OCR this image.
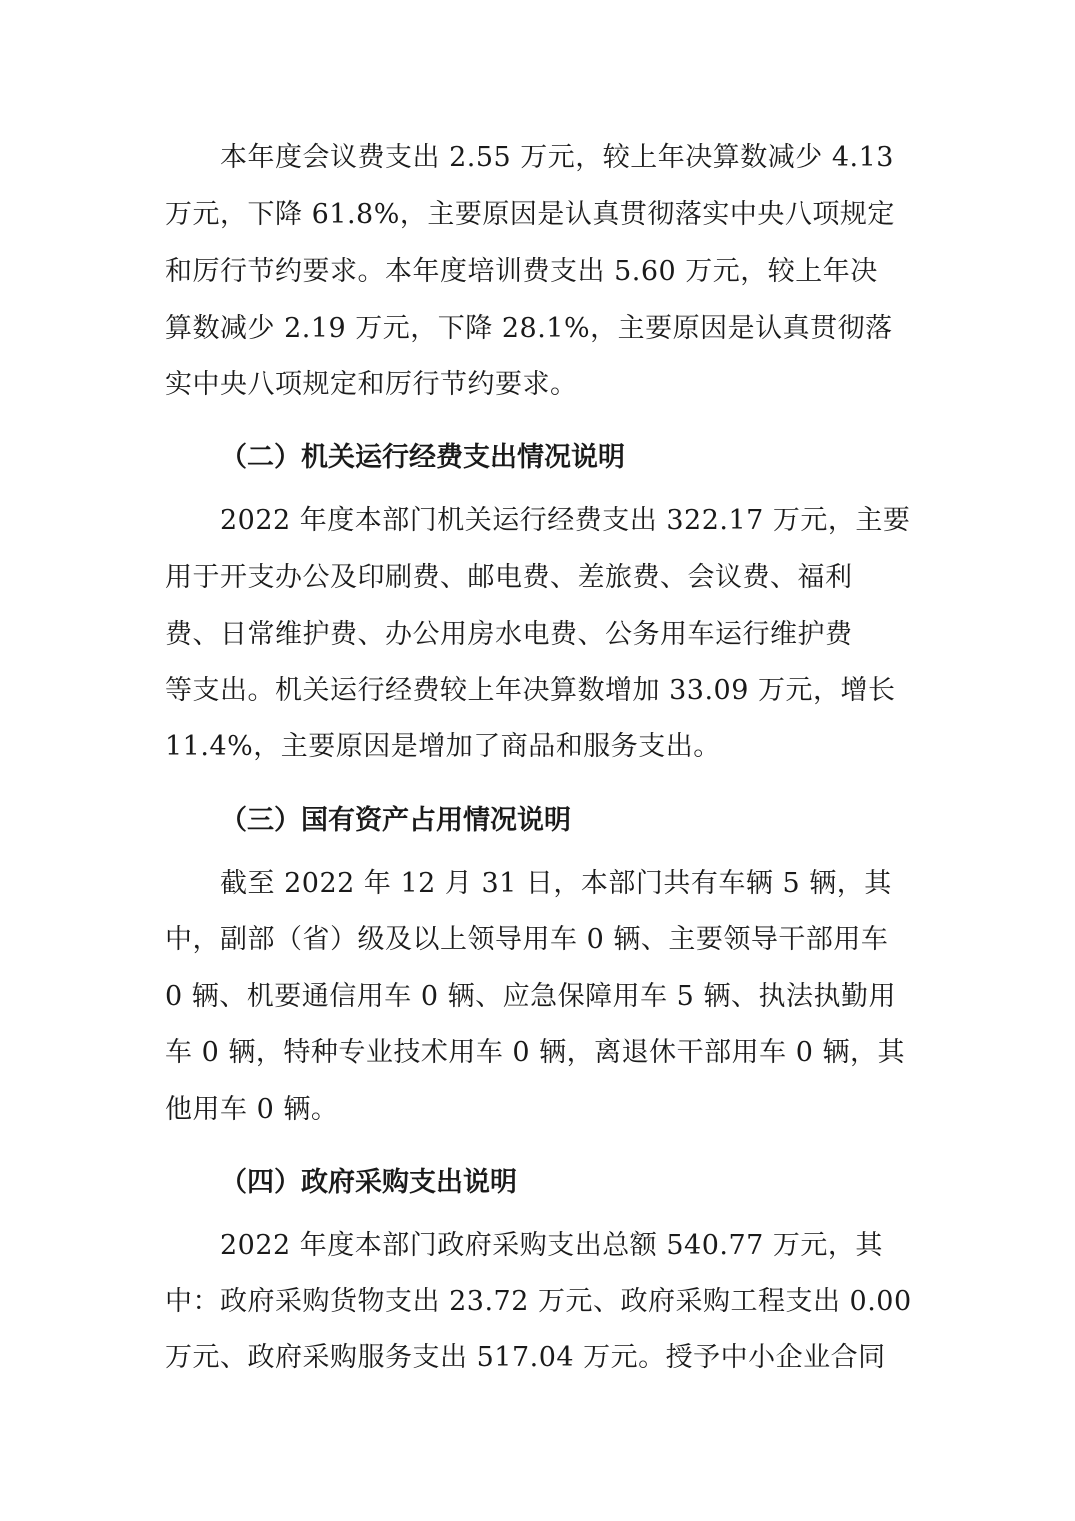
本年度会议费支出 2.55 万元，较上年决算数减少 4.13
万元，下降 61.8%，主要原因是认真贯彻落实中央八项规定
和厉行节约要求。本年度培训费支出 5.60 万元，较上年决
算数减少 2.19 万元，下降 28.1%，主要原因是认真贯彻落
实中央八项规定和厉行节约要求。
（二）机关运行经费支出情况说明
2022 年度本部门机关运行经费支出 322.17 万元，主要
用于开支办公及印刷费、邮电费、差旅费、会议费、福利
费、日常维护费、办公用房水电费、公务用车运行维护费
等支出。机关运行经费较上年决算数增加 33.09 万元，增长
11.4%，主要原因是增加了商品和服务支出。
（三）国有资产占用情况说明
截至 2022 年 12 月 31 日，本部门共有车辆 5 辆，其
中，副部（省）级及以上领导用车 0 辆、主要领导干部用车
0 辆、机要通信用车 0 辆、应急保障用车 5 辆、执法执勤用
车 0 辆，特种专业技术用车 0 辆，离退休干部用车 0 辆，其
他用车 0 辆。
（四）政府采购支出说明
2022 年度本部门政府采购支出总额 540.77 万元，其
中：政府采购货物支出 23.72 万元、政府采购工程支出 0.00
万元、政府采购服务支出 517.04 万元。授予中小企业合同
